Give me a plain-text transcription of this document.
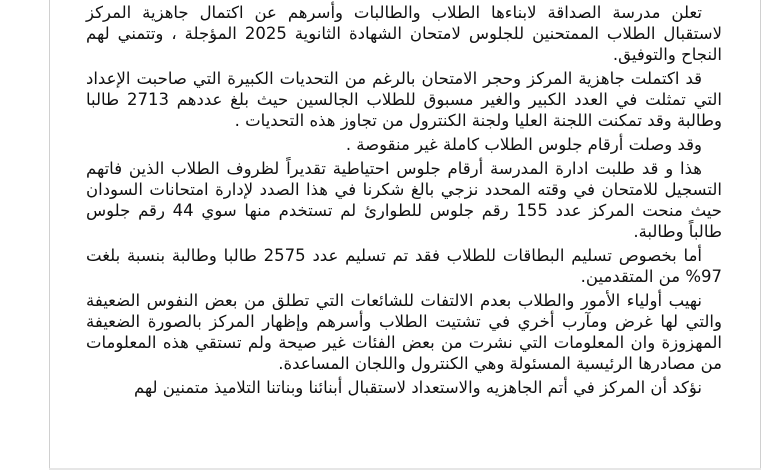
تعلن مدرسة الصداقة لابناءها الطلاب والطالبات وأسرهم عن اكتمال جاهزية المركز لاستقبال الطلاب الممتحنين للجلوس لامتحان الشهادة الثانوية 2025 المؤجلة ، وتتمني لهم النجاح والتوفيق.

قد اكتملت جاهزية المركز وحجر الامتحان بالرغم من التحديات الكبيرة التي صاحبت الإعداد التي تمثلت في العدد الكبير والغير مسبوق للطلاب الجالسين حيث بلغ عددهم 2713 طالبا وطالبة وقد تمكنت اللجنة العليا ولجنة الكنترول من تجاوز هذه التحديات .

وقد وصلت أرقام جلوس الطلاب كاملة غير منقوصة .

هذا و قد طلبت ادارة المدرسة أرقام جلوس احتياطية تقديراً لظروف الطلاب الذين فاتهم التسجيل للامتحان في وقته المحدد نزجي بالغ شكرنا في هذا الصدد لإدارة امتحانات السودان حيث منحت المركز عدد 155 رقم جلوس للطوارئ لم تستخدم منها سوي 44 رقم جلوس طالباً وطالبة.

أما بخصوص تسليم البطاقات للطلاب فقد تم تسليم عدد 2575 طالبا وطالبة بنسبة بلغت 97% من المتقدمين.

نهيب أولياء الأمور والطلاب بعدم الالتفات للشائعات التي تطلق من بعض النفوس الضعيفة والتي لها غرض ومآرب أخري في تشتيت الطلاب وأسرهم وإظهار المركز بالصورة الضعيفة المهزوزة وان المعلومات التي نشرت من بعض الفئات غير صيحة ولم تستقي هذه المعلومات من مصادرها الرئيسية المسئولة وهي الكنترول واللجان المساعدة.

نؤكد أن المركز في أتم الجاهزيه والاستعداد لاستقبال أبنائنا وبناتنا التلاميذ متمنين لهم
